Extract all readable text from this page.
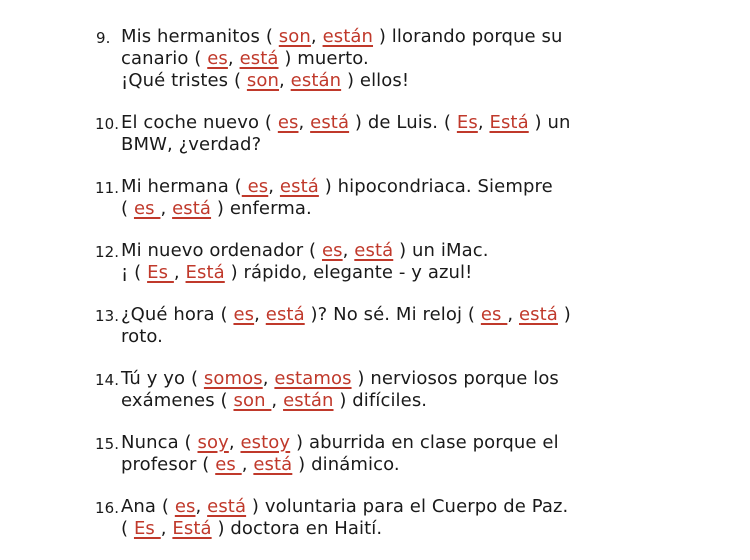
9. Mis hermanitos ( son, están ) llorando porque su
canario ( es, está ) muerto.
¡Qué tristes ( son, están ) ellos!
10. El coche nuevo ( es, está ) de Luis. ( Es, Está ) un
BMW, ¿verdad?
11. Mi hermana ( es, está ) hipocondriaca. Siempre
( es , está ) enferma.
12. Mi nuevo ordenador ( es, está ) un iMac.
¡ ( Es , Está ) rápido, elegante - y azul!
13. ¿Qué hora ( es, está )? No sé. Mi reloj ( es , está )
roto.
14. Tú y yo ( somos, estamos ) nerviosos porque los
exámenes ( son , están ) difíciles.
15. Nunca ( soy, estoy ) aburrida en clase porque el
profesor ( es , está ) dinámico.
16. Ana ( es, está ) voluntaria para el Cuerpo de Paz.
( Es , Está ) doctora en Haití.
